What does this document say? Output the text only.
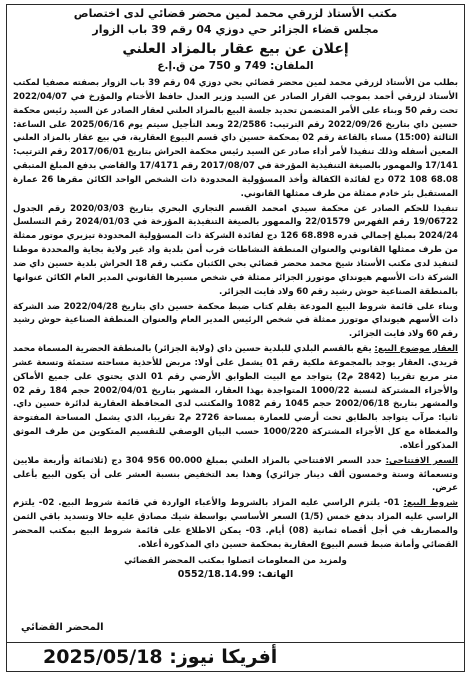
مكتب الأستاذ لزرقي محمد لمين محضر قضائي لدى اختصاص
مجلس قضاء الجزائر حي دوزي 04 رقم 39 باب الزوار
إعلان عن بيع عقار بالمزاد العلني
الملفان: 749 و 750 من ق.إ.ع

بطلب من الأستاذ لزرقي محمد لمين محضر قضائي بحي دوزي 04 رقم 39 باب الزوار بصفته مصفيا لمكتب الأستاذ لزرقي أحمد بموجب القرار الصادر عن السيد وزير العدل حافظ الأختام والمؤرخ في 2022/04/07 تحت رقم 50 وبناء على الأمر المتضمن تحديد جلسة البيع بالمزاد العلني لعقار الصادر عن السيد رئيس محكمة حسين داي بتاريخ 2022/09/26 رقم الترتيب: 22/2586 وبعد التأجيل سيتم يوم 2025/06/16 على الساعة: الثالثة (15:00) مساء بالقاعة رقم 02 بمحكمة حسين داي قسم البيوع العقارية، في بيع عقار بالمزاد العلني المعين أسفله وذلك تنفيذا لأمر أداء صادر عن السيد رئيس محكمة الحراش بتاريخ 2017/06/01 رقم الترتيب: 17/141 والمهمور بالصيغة التنفيذية المؤرخة في 2017/08/07 رقم 17/4171 والقاضي بدفع المبلغ المتبقي 68.08 108 072 دج لفائدة الكفالة وأخذ المسؤولية المحدودة ذات الشخص الواحد الكائن مقرها 26 عمارة المستقبل بئر خادم ممثلة من طرف ممثلها القانوني.

تنفيذا للحكم الصادر عن محكمة سيدي امحمد القسم التجاري البحري بتاريخ 2020/03/03 رقم الجدول 19/06722 رقم الفهرس 22/01579 والممهور بالصيغة التنفيذية المؤرخة في 2024/01/03 رقم التسلسل 2024/24 بمبلغ إجمالي قدره 68.898 126 دج لفائدة الشركة ذات المسؤولية المحدودة تيزيري موتور ممثلة من طرف ممثلها القانوني والعنوان المنطقة النشاطات قرب أمن بلدية واد غير ولاية بجاية والمحددة موطنا لتنفيذ لدى مكتب الأستاذ شيخ محمد محضر قضائي بحي الكثبان مكتب رقم 18 الحراش بلدية حسين داي ضد الشركة ذات الأسهم هيونداي موتورز الجزائر ممثلة في شخص مسيرها القانوني المدير العام الكائن عنوانها بالمنطقة الصناعية حوش رشيد رقم 60 ولاد فايت الجزائر.

وبناء على قائمة شروط البيع المودعة بقلم كتاب ضبط محكمة حسين داي بتاريخ 2022/04/28 ضد الشركة ذات الأسهم هيونداي موتورز ممثلة في شخص الرئيس المدير العام والعنوان المنطقة الصناعية حوش رشيد رقم 60 ولاد فايت الجزائر.

العقار موضوع البيع: يقع بالقسم البلدي للبلدية حسين داي (ولاية الجزائر) بالمنطقة الحضرية المسماة محمد قريدي. العقار يوجد بالمجموعة ملكية رقم 01 يشمل على أولا: مربض للأحذية مساحته ستمئة وتسعة عشر متر مربع تقريبا (2842 م2) يتواجد مع البيت الطوابق الأرضي رقم 01 الذي يحتوي على جميع الأماكن والأجزاء المشتركة لنسبة 1000/22 المتواجدة بهذا العقار، المشهر بتاريخ 2002/04/01 حجم 184 رقم 02 والمشهر بتاريخ 2002/06/18 حجم 1045 رقم 1082 والمكتتب لدى المحافظة العقارية لدائرة حسين داي. ثانيا: مرآب يتواجد بالطابق تحت أرضي للعمارة بمساحة 2726 م2 تقريبا، الذي يشمل المساحة المفتوحة والمغطاة مع كل الأجزاء المشتركة 1000/220 حسب البيان الوصفي للتقسيم المتكوين من طرف الموثق المذكور أعلاه.

السعر الافتتاحي: حدد السعر الافتتاحي بالمزاد العلني بمبلغ 00.000 956 304 دج (ثلاثمائة وأربعة ملايين وتسعمائة وستة وخمسون ألف دينار جزائري) وهذا بعد التخفيض بنسبة العشر على أن يكون البيع بأعلى عرض.

شروط البيع: 01- يلتزم الراسي عليه المزاد بالشروط والأعباء الواردة في قائمة شروط البيع. 02- يلتزم الراسي عليه المزاد بدفع خمس (1/5) السعر الأساسي بواسطة شيك مصادق عليه حالا وتسديد باقي الثمن والمصاريف في أجل أقصاه ثمانية (08) أيام. 03- يمكن الاطلاع على قائمة شروط البيع بمكتب المحضر القضائي وأمانة ضبط قسم البيوع العقارية بمحكمة حسين داي المذكورة أعلاه.

ولمزيد من المعلومات اتصلوا بمكتب المحضر القضائي
الهاتف: 0552/18.14.99
المحضر القضائي
2025/05/18 أفريكا نيوز:
